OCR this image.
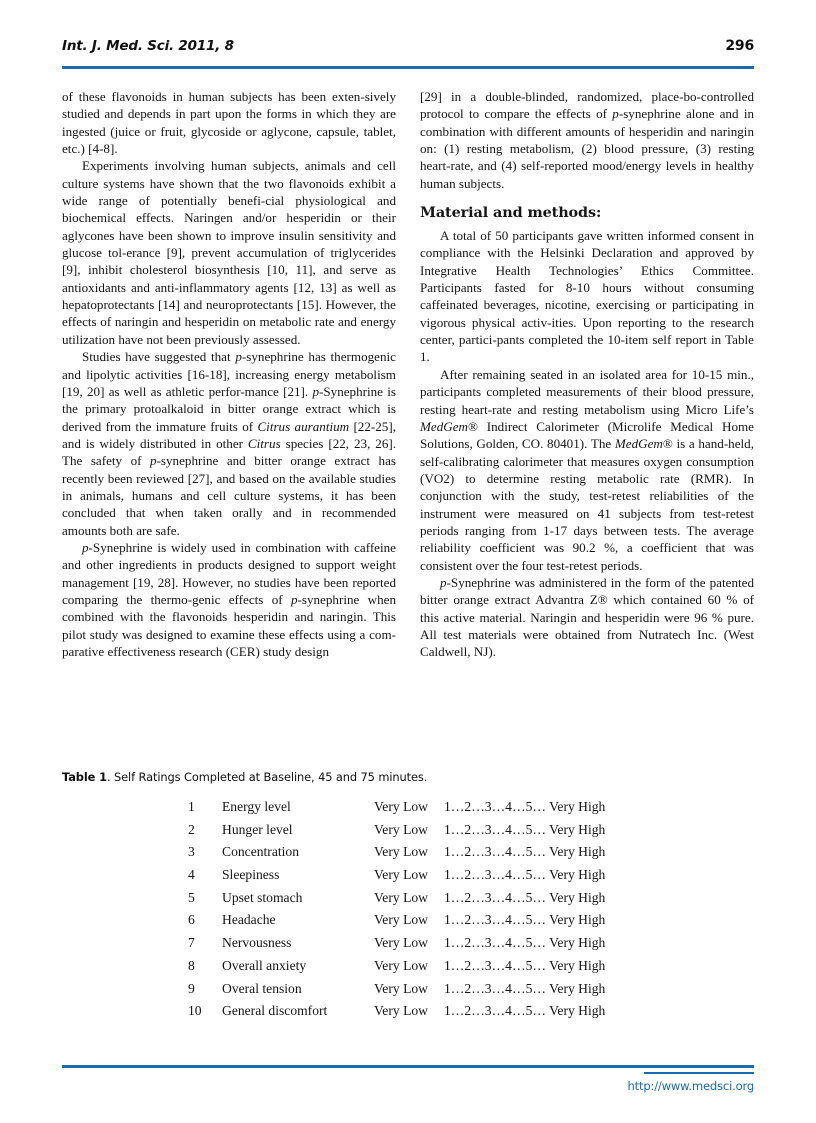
Int. J. Med. Sci. 2011, 8	296

of these flavonoids in human subjects has been exten-sively studied and depends in part upon the forms in which they are ingested (juice or fruit, glycoside or aglycone, capsule, tablet, etc.) [4-8].

Experiments involving human subjects, animals and cell culture systems have shown that the two flavonoids exhibit a wide range of potentially benefi-cial physiological and biochemical effects. Naringen and/or hesperidin or their aglycones have been shown to improve insulin sensitivity and glucose tol-erance [9], prevent accumulation of triglycerides [9], inhibit cholesterol biosynthesis [10, 11], and serve as antioxidants and anti-inflammatory agents [12, 13] as well as hepatoprotectants [14] and neuroprotectants [15]. However, the effects of naringin and hesperidin on metabolic rate and energy utilization have not been previously assessed.

Studies have suggested that p-synephrine has thermogenic and lipolytic activities [16-18], increasing energy metabolism [19, 20] as well as athletic perfor-mance [21]. p-Synephrine is the primary protoalkaloid in bitter orange extract which is derived from the immature fruits of Citrus aurantium [22-25], and is widely distributed in other Citrus species [22, 23, 26]. The safety of p-synephrine and bitter orange extract has recently been reviewed [27], and based on the available studies in animals, humans and cell culture systems, it has been concluded that when taken orally and in recommended amounts both are safe.

p-Synephrine is widely used in combination with caffeine and other ingredients in products designed to support weight management [19, 28]. However, no studies have been reported comparing the thermo-genic effects of p-synephrine when combined with the flavonoids hesperidin and naringin. This pilot study was designed to examine these effects using a com-parative effectiveness research (CER) study design

[29] in a double-blinded, randomized, place-bo-controlled protocol to compare the effects of p-synephrine alone and in combination with different amounts of hesperidin and naringin on: (1) resting metabolism, (2) blood pressure, (3) resting heart-rate, and (4) self-reported mood/energy levels in healthy human subjects.

Material and methods:

A total of 50 participants gave written informed consent in compliance with the Helsinki Declaration and approved by Integrative Health Technologies’ Ethics Committee. Participants fasted for 8-10 hours without consuming caffeinated beverages, nicotine, exercising or participating in vigorous physical activ-ities. Upon reporting to the research center, partici-pants completed the 10-item self report in Table 1.

After remaining seated in an isolated area for 10-15 min., participants completed measurements of their blood pressure, resting heart-rate and resting metabolism using Micro Life’s MedGem® Indirect Calorimeter (Microlife Medical Home Solutions, Golden, CO. 80401). The MedGem® is a hand-held, self-calibrating calorimeter that measures oxygen consumption (VO2) to determine resting metabolic rate (RMR). In conjunction with the study, test-retest reliabilities of the instrument were measured on 41 subjects from test-retest periods ranging from 1-17 days between tests. The average reliability coefficient was 90.2 %, a coefficient that was consistent over the four test-retest periods.

p-Synephrine was administered in the form of the patented bitter orange extract Advantra Z® which contained 60 % of this active material. Naringin and hesperidin were 96 % pure. All test materials were obtained from Nutratech Inc. (West Caldwell, NJ).

Table 1. Self Ratings Completed at Baseline, 45 and 75 minutes.
1	Energy level	Very Low	1…2…3…4…5… Very High
2	Hunger level	Very Low	1…2…3…4…5… Very High
3	Concentration	Very Low	1…2…3…4…5… Very High
4	Sleepiness	Very Low	1…2…3…4…5… Very High
5	Upset stomach	Very Low	1…2…3…4…5… Very High
6	Headache	Very Low	1…2…3…4…5… Very High
7	Nervousness	Very Low	1…2…3…4…5… Very High
8	Overall anxiety	Very Low	1…2…3…4…5… Very High
9	Overal tension	Very Low	1…2…3…4…5… Very High
10	General discomfort	Very Low	1…2…3…4…5… Very High
http://www.medsci.org
